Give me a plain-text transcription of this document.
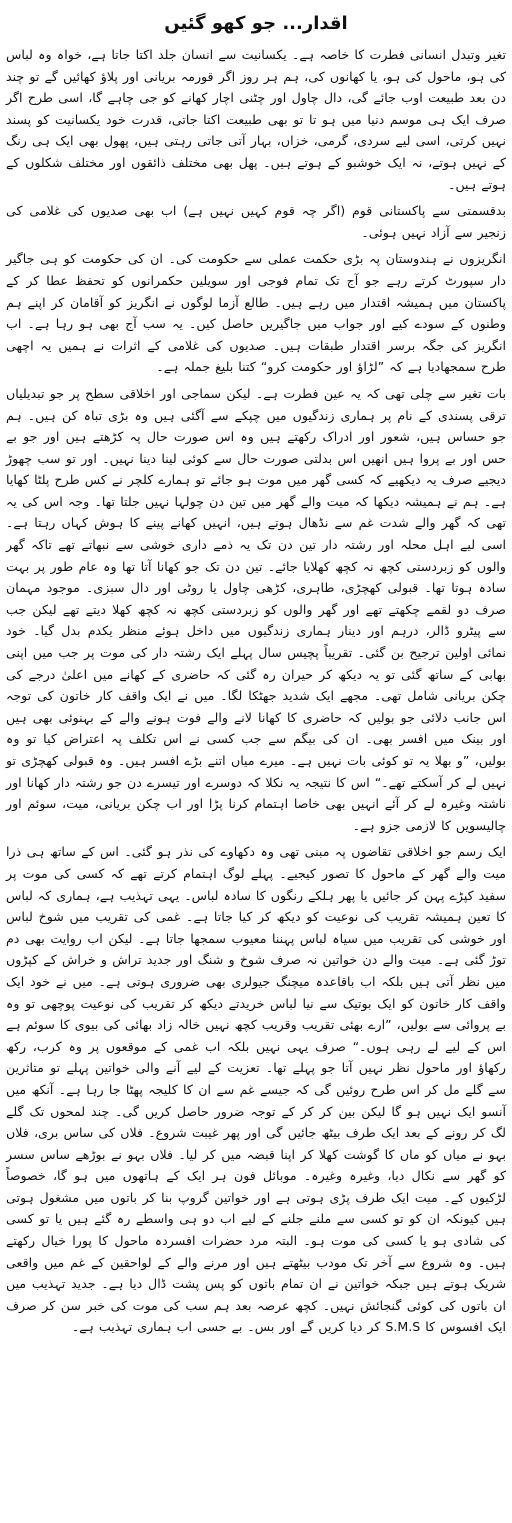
اقدار... جو کھو گئیں

تغیر وتبدل انسانی فطرت کا خاصہ ہے۔ یکسانیت سے انسان جلد اکتا جاتا ہے، خواہ وہ لباس کی ہو، ماحول کی ہو، یا کھانوں کی، ہم ہر روز اگر قورمہ بریانی اور پلاؤ کھائیں گے تو چند دن بعد طبیعت اوب جائے گی، دال چاول اور چٹنی اچار کھانے کو جی چاہے گا، اسی طرح اگر صرف ایک ہی موسم دنیا میں ہو تا تو بھی طبیعت اکتا جاتی، قدرت خود یکسانیت کو پسند نہیں کرتی، اسی لیے سردی، گرمی، خزاں، بہار آتی جاتی رہتی ہیں، پھول بھی ایک ہی رنگ کے نہیں ہوتے، نہ ایک خوشبو کے ہوتے ہیں۔ پھل بھی مختلف ذائقوں اور مختلف شکلوں کے ہوتے ہیں۔

بدقسمتی سے پاکستانی قوم (اگر چہ قوم کہیں نہیں ہے) اب بھی صدیوں کی غلامی کی زنجیر سے آزاد نہیں ہوئی۔

انگریزوں نے ہندوستان پہ بڑی حکمت عملی سے حکومت کی۔ ان کی حکومت کو ہی جاگیر دار سپورٹ کرتے رہے جو آج تک تمام فوجی اور سویلین حکمرانوں کو تحفظ عطا کر کے پاکستان میں ہمیشہ اقتدار میں رہے ہیں۔ طالع آزما لوگوں نے انگریز کو آقامان کر اپنے ہم وطنوں کے سودے کیے اور جواب میں جاگیریں حاصل کیں۔ یہ سب آج بھی ہو رہا ہے۔ اب انگریز کی جگہ برسر اقتدار طبقات ہیں۔ صدیوں کی غلامی کے اثرات نے ہمیں یہ اچھی طرح سمجھادیا ہے کہ ”لڑاؤ اور حکومت کرو“ کتنا بلیغ جملہ ہے۔

بات تغیر سے چلی تھی کہ یہ عین فطرت ہے۔ لیکن سماجی اور اخلاقی سطح پر جو تبدیلیاں ترقی پسندی کے نام پر ہماری زندگیوں میں چپکے سے آگئی ہیں وہ بڑی تباہ کن ہیں۔ ہم جو حساس ہیں، شعور اور ادراک رکھتے ہیں وہ اس صورت حال پہ کڑھتے ہیں اور جو بے حس اور بے پروا ہیں انھیں اس بدلتی صورت حال سے کوئی لینا دینا نہیں۔ اور تو سب چھوڑ دیجیے صرف یہ دیکھیے کہ کسی گھر میں موت ہو جائے تو ہمارے کلچر نے کس طرح پلٹا کھایا ہے۔ ہم نے ہمیشہ دیکھا کہ میت والے گھر میں تین دن چولہا نہیں جلتا تھا۔ وجہ اس کی یہ تھی کہ گھر والے شدت غم سے نڈھال ہوتے ہیں، انہیں کھانے پینے کا ہوش کہاں رہتا ہے۔ اسی لیے اہل محلہ اور رشتہ دار تین دن تک یہ ذمے داری خوشی سے نبھاتے تھے تاکہ گھر والوں کو زبردستی کچھ نہ کچھ کھلایا جائے۔ تین دن تک جو کھانا آتا تھا وہ عام طور پر بہت سادہ ہوتا تھا۔ قبولی کھچڑی، طاہری، کڑھی چاول یا روٹی اور دال سبزی۔ موجود مہمان صرف دو لقمے چکھتے تھے اور گھر والوں کو زبردستی کچھ نہ کچھ کھلا دیتے تھے لیکن جب سے پیٹرو ڈالر، درہم اور دینار ہماری زندگیوں میں داخل ہوئے منظر یکدم بدل گیا۔ خود نمائی اولین ترجیح بن گئی۔ تقریباً پچیس سال پہلے ایک رشتہ دار کی موت پر جب میں اپنی بھابی کے ساتھ گئی تو یہ دیکھ کر حیران رہ گئی کہ حاضری کے کھانے میں اعلیٰ درجے کی چکن بریانی شامل تھی۔ مجھے ایک شدید جھٹکا لگا۔ میں نے ایک واقف کار خاتون کی توجہ اس جانب دلائی جو بولیں کہ حاضری کا کھانا لانے والے فوت ہونے والے کے بہنوئی بھی ہیں اور بینک میں افسر بھی۔ ان کی بیگم سے جب کسی نے اس تکلف پہ اعتراض کیا تو وہ بولیں، ”و بھلا یہ تو کوئی بات نہیں ہے۔ میرے میاں اتنے بڑے افسر ہیں۔ وہ قبولی کھچڑی تو نہیں لے کر آسکتے تھے۔“ اس کا نتیجہ یہ نکلا کہ دوسرے اور تیسرے دن جو رشتہ دار کھانا اور ناشتہ وغیرہ لے کر آئے انہیں بھی خاصا اہتمام کرنا پڑا اور اب چکن بریانی، میت، سوئم اور چالیسویں کا لازمی جزو ہے۔

ایک رسم جو اخلاقی تقاضوں پہ مبنی تھی وہ دکھاوے کی نذر ہو گئی۔ اس کے ساتھ ہی ذرا میت والے گھر کے ماحول کا تصور کیجیے۔ پہلے لوگ اہتمام کرتے تھے کہ کسی کی موت پر سفید کپڑے پہن کر جائیں یا پھر ہلکے رنگوں کا سادہ لباس۔ یہی تہذیب ہے، ہماری کہ لباس کا تعین ہمیشہ تقریب کی نوعیت کو دیکھ کر کیا جاتا ہے۔ غمی کی تقریب میں شوخ لباس اور خوشی کی تقریب میں سیاہ لباس پہننا معیوب سمجھا جاتا ہے۔ لیکن اب روایت بھی دم توڑ گئی ہے۔ میت والے دن خواتین نہ صرف شوخ و شنگ اور جدید تراش و خراش کے کپڑوں میں نظر آتی ہیں بلکہ اب باقاعدہ میچنگ جیولری بھی ضروری ہوتی ہے۔ میں نے خود ایک واقف کار خاتون کو ایک بوتیک سے نیا لباس خریدتے دیکھ کر تقریب کی نوعیت پوچھی تو وہ بے پروائی سے بولیں، ”ارے بھئی تقریب وقریب کچھ نہیں خالہ زاد بھائی کی بیوی کا سوئم ہے اس کے لیے لے رہی ہوں۔“ صرف یہی نہیں بلکہ اب غمی کے موقعوں پر وہ کرب، رکھ رکھاؤ اور ماحول نظر نہیں آتا جو پہلے تھا۔ تعزیت کے لیے آنے والی خواتین پہلے تو متاثرین سے گلے مل کر اس طرح روئیں گی کہ جیسے غم سے ان کا کلیجہ پھٹا جا رہا ہے۔ آنکھ میں آنسو ایک نہیں ہو گا لیکن بین کر کر کے توجہ ضرور حاصل کریں گی۔ چند لمحوں تک گلے لگ کر رونے کے بعد ایک طرف بیٹھ جائیں گی اور پھر غیبت شروع۔ فلاں کی ساس بری، فلاں بہو نے میاں کو ماں کا گوشت کھلا کر اپنا قبضہ میں کر لیا۔ فلاں بہو نے بوڑھے ساس سسر کو گھر سے نکال دیا، وغیرہ وغیرہ۔ موبائل فون ہر ایک کے ہاتھوں میں ہو گا، خصوصاً لڑکیوں کے۔ میت ایک طرف پڑی ہوتی ہے اور خواتین گروپ بنا کر باتوں میں مشغول ہوتی ہیں کیونکہ ان کو تو کسی سے ملنے جلنے کے لیے اب دو ہی واسطے رہ گئے ہیں یا تو کسی کی شادی ہو یا کسی کی موت ہو۔ البتہ مرد حضرات افسردہ ماحول کا پورا خیال رکھتے ہیں۔ وہ شروع سے آخر تک مودب بیٹھتے ہیں اور مرنے والے کے لواحقین کے غم میں واقعی شریک ہوتے ہیں جبکہ خواتین نے ان تمام باتوں کو پس پشت ڈال دیا ہے۔ جدید تہذیب میں ان باتوں کی کوئی گنجائش نہیں۔ کچھ عرصہ بعد ہم سب کی موت کی خبر سن کر صرف ایک افسوس کا S.M.S کر دیا کریں گے اور بس۔ بے حسی اب ہماری تہذیب ہے۔
